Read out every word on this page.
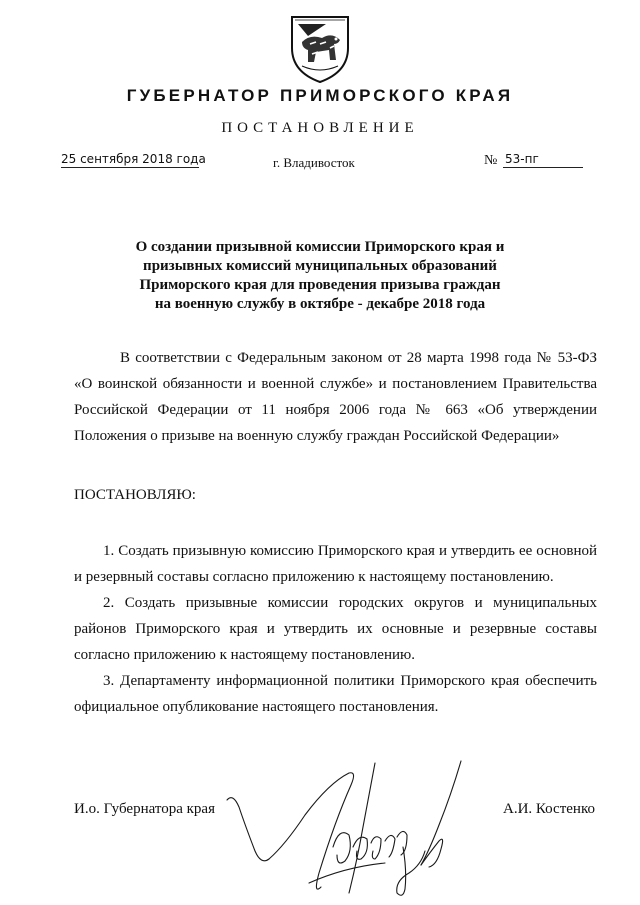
ГУБЕРНАТОР ПРИМОРСКОГО КРАЯ
ПОСТАНОВЛЕНИЕ
25 сентября 2018 года	г. Владивосток	№ 53-пг
О создании призывной комиссии Приморского края и
призывных комиссий муниципальных образований
Приморского края для проведения призыва граждан
на военную службу в октябре - декабре 2018 года

В соответствии с Федеральным законом от 28 марта 1998 года № 53-ФЗ «О воинской обязанности и военной службе» и постановлением Правительства Российской Федерации от 11 ноября 2006 года № 663 «Об утверждении Положения о призыве на военную службу граждан Российской Федерации»

ПОСТАНОВЛЯЮ:

1. Создать призывную комиссию Приморского края и утвердить ее основной и резервный составы согласно приложению к настоящему постановлению.

2. Создать призывные комиссии городских округов и муниципальных районов Приморского края и утвердить их основные и резервные составы согласно приложению к настоящему постановлению.

3. Департаменту информационной политики Приморского края обеспечить официальное опубликование настоящего постановления.

И.о. Губернатора края	А.И. Костенко
